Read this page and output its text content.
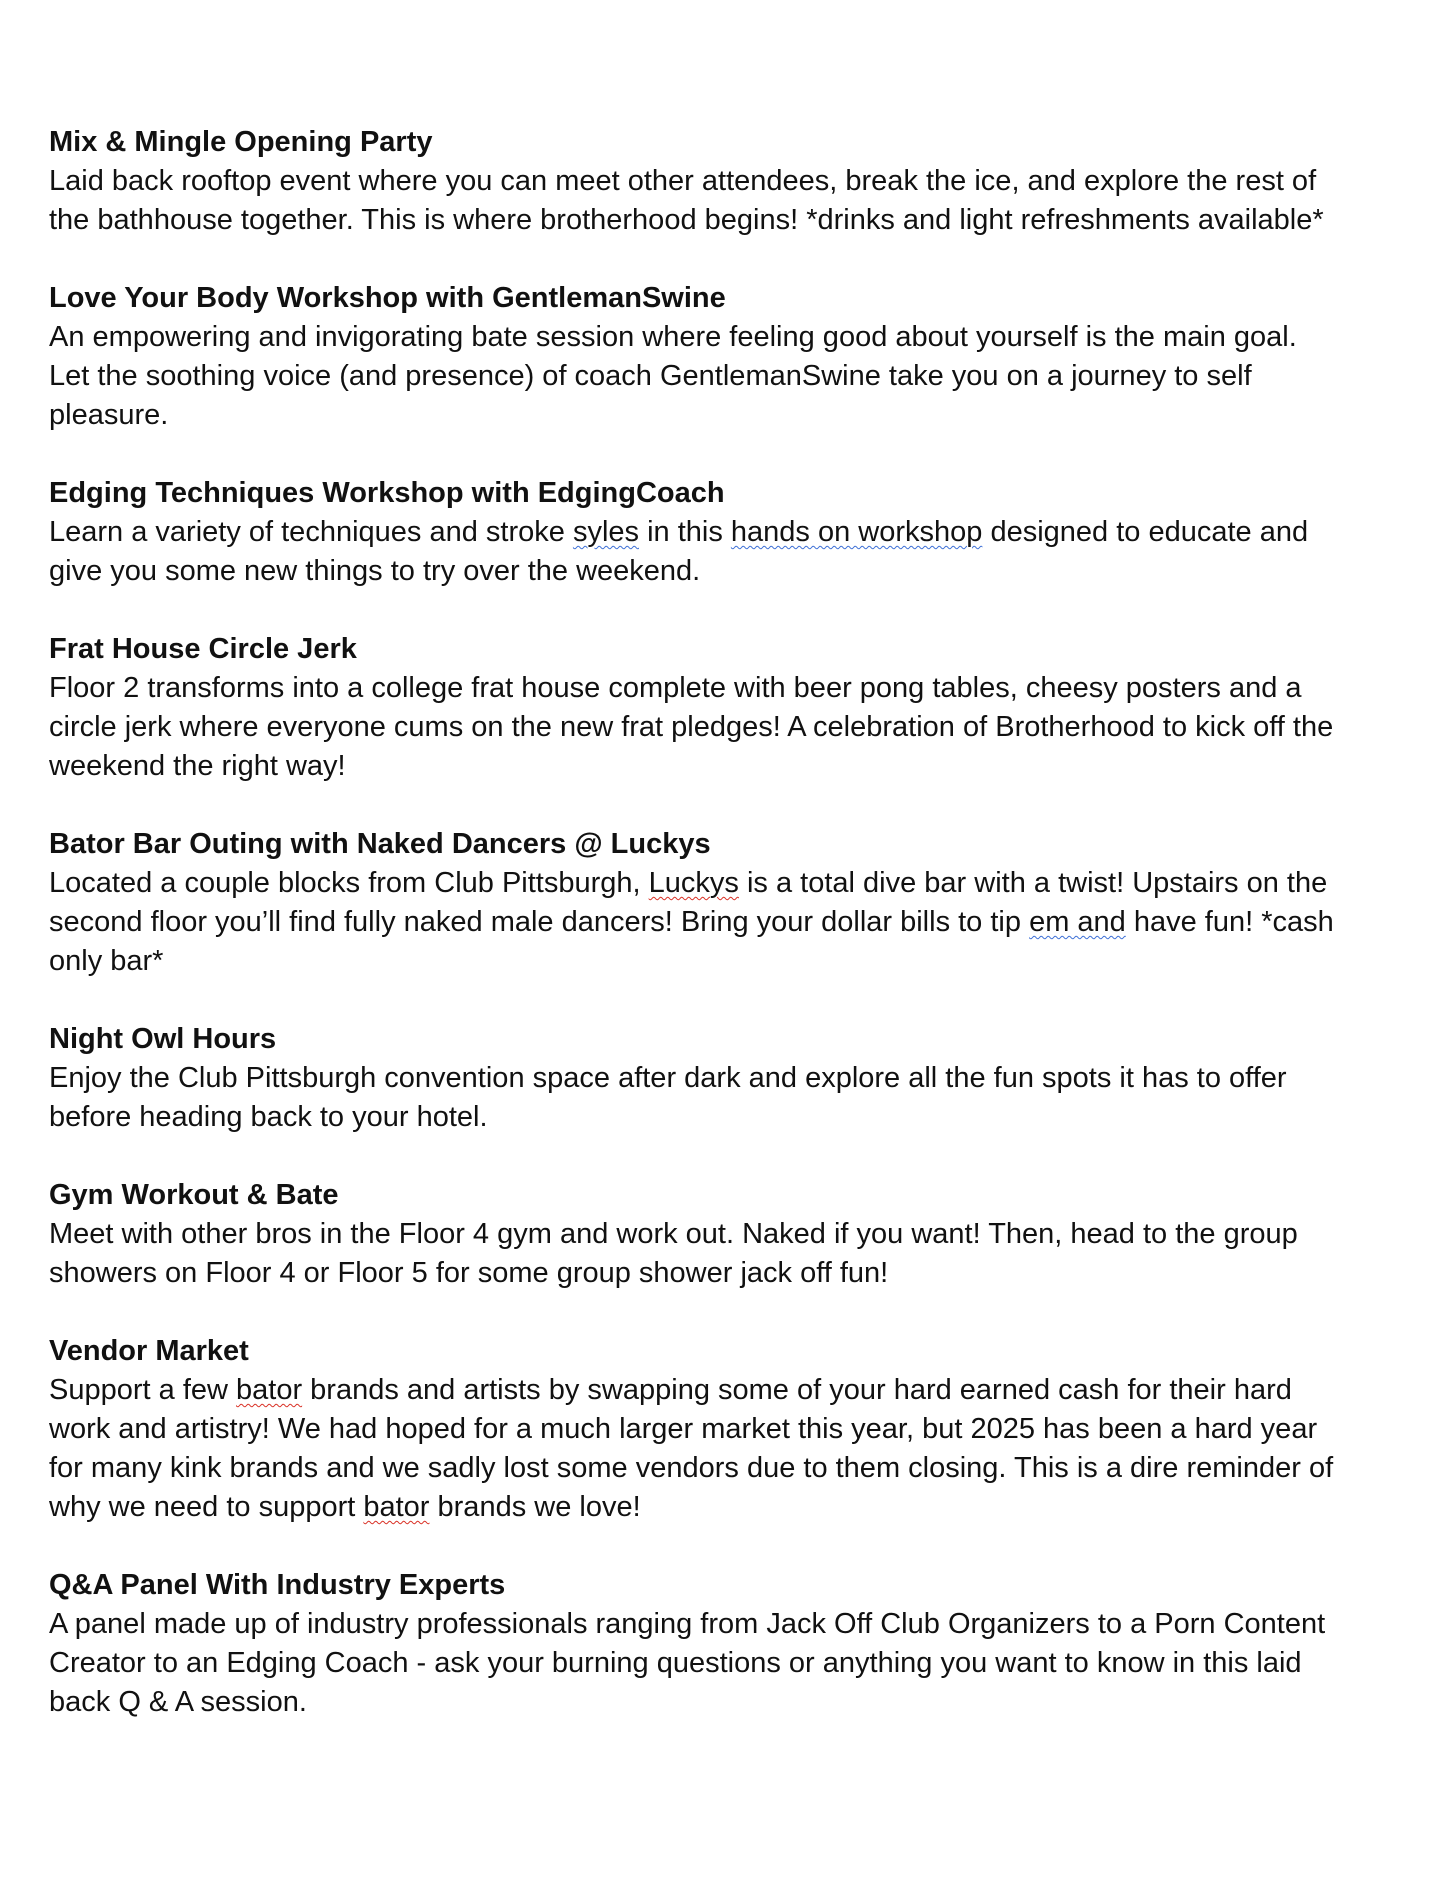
Mix & Mingle Opening Party

Laid back rooftop event where you can meet other attendees, break the ice, and explore the rest of the bathhouse together. This is where brotherhood begins! *drinks and light refreshments available*

Love Your Body Workshop with GentlemanSwine

An empowering and invigorating bate session where feeling good about yourself is the main goal. Let the soothing voice (and presence) of coach GentlemanSwine take you on a journey to self pleasure.

Edging Techniques Workshop with EdgingCoach

Learn a variety of techniques and stroke syles in this hands on workshop designed to educate and give you some new things to try over the weekend.

Frat House Circle Jerk

Floor 2 transforms into a college frat house complete with beer pong tables, cheesy posters and a circle jerk where everyone cums on the new frat pledges! A celebration of Brotherhood to kick off the weekend the right way!

Bator Bar Outing with Naked Dancers @ Luckys

Located a couple blocks from Club Pittsburgh, Luckys is a total dive bar with a twist! Upstairs on the second floor you’ll find fully naked male dancers! Bring your dollar bills to tip em and have fun! *cash only bar*

Night Owl Hours

Enjoy the Club Pittsburgh convention space after dark and explore all the fun spots it has to offer before heading back to your hotel.

Gym Workout & Bate

Meet with other bros in the Floor 4 gym and work out. Naked if you want! Then, head to the group showers on Floor 4 or Floor 5 for some group shower jack off fun!

Vendor Market

Support a few bator brands and artists by swapping some of your hard earned cash for their hard work and artistry! We had hoped for a much larger market this year, but 2025 has been a hard year for many kink brands and we sadly lost some vendors due to them closing. This is a dire reminder of why we need to support bator brands we love!

Q&A Panel With Industry Experts

A panel made up of industry professionals ranging from Jack Off Club Organizers to a Porn Content Creator to an Edging Coach - ask your burning questions or anything you want to know in this laid back Q & A session.
